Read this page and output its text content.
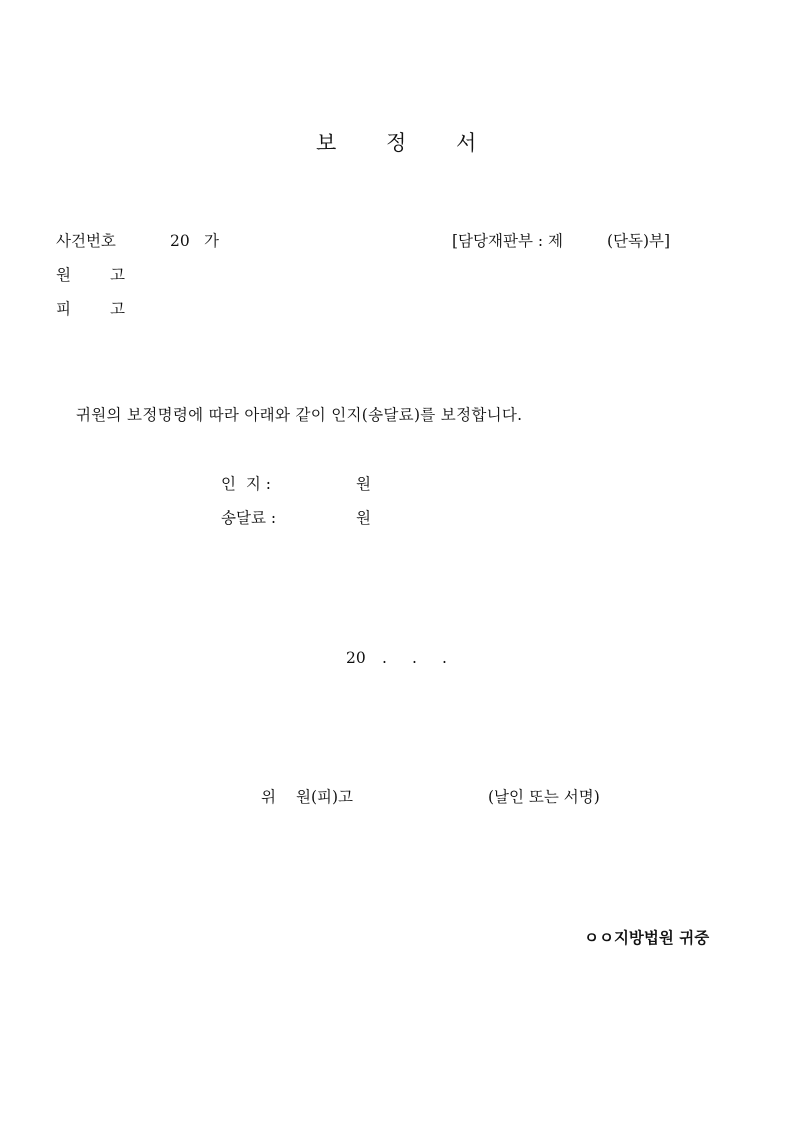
보 정 서
사건번호	20 가	[담당재판부 : 제	(단독)부]
원	고
피	고
귀원의 보정명령에 따라 아래와 같이 인지(송달료)를 보정합니다.
인  지 :	원
송달료 :	원
20 . . .
위 원(피)고	(날인 또는 서명)
ㅇㅇ지방법원 귀중
